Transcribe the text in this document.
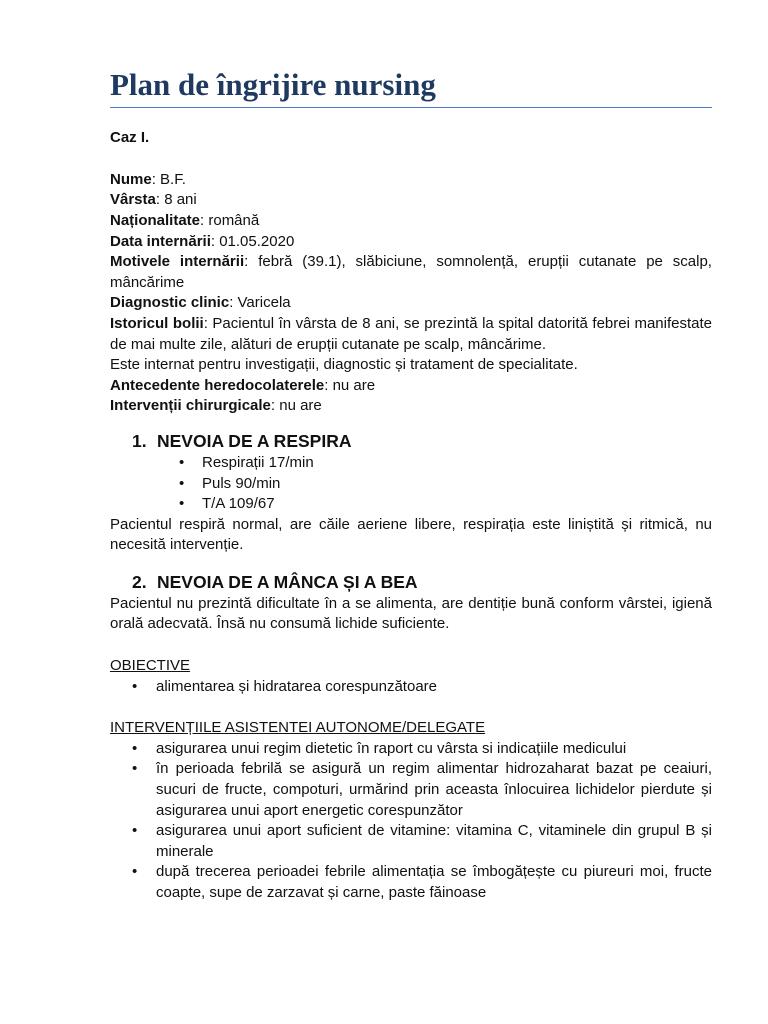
Plan de îngrijire nursing

Caz I.

Nume: B.F.

Vârsta: 8 ani

Naționalitate: română

Data internării: 01.05.2020

Motivele internării: febră (39.1), slăbiciune, somnolență, erupții cutanate pe scalp, mâncărime

Diagnostic clinic: Varicela

Istoricul bolii: Pacientul în vârsta de 8 ani, se prezintă la spital datorită febrei manifestate de mai multe zile, alături de erupții cutanate pe scalp, mâncărime.

Este internat pentru investigații, diagnostic și tratament de specialitate.

Antecedente heredocolaterele: nu are

Intervenții chirurgicale: nu are

1. NEVOIA DE A RESPIRA
• Respirații 17/min
• Puls 90/min
• T/A 109/67

Pacientul respiră normal, are căile aeriene libere, respirația este liniștită și ritmică, nu necesită intervenție.

2. NEVOIA DE A MÂNCA ȘI A BEA

Pacientul nu prezintă dificultate în a se alimenta, are dentiție bună conform vârstei, igienă orală adecvată. Însă nu consumă lichide suficiente.

OBIECTIVE

• alimentarea și hidratarea corespunzătoare

INTERVENȚIILE ASISTENTEI AUTONOME/DELEGATE

• asigurarea unui regim dietetic în raport cu vârsta si indicațiile medicului
• în perioada febrilă se asigură un regim alimentar hidrozaharat bazat pe ceaiuri, sucuri de fructe, compoturi, urmărind prin aceasta înlocuirea lichidelor pierdute și asigurarea unui aport energetic corespunzător
• asigurarea unui aport suficient de vitamine: vitamina C, vitaminele din grupul B și minerale
• după trecerea perioadei febrile alimentația se îmbogățește cu piureuri moi, fructe coapte, supe de zarzavat și carne, paste făinoase
